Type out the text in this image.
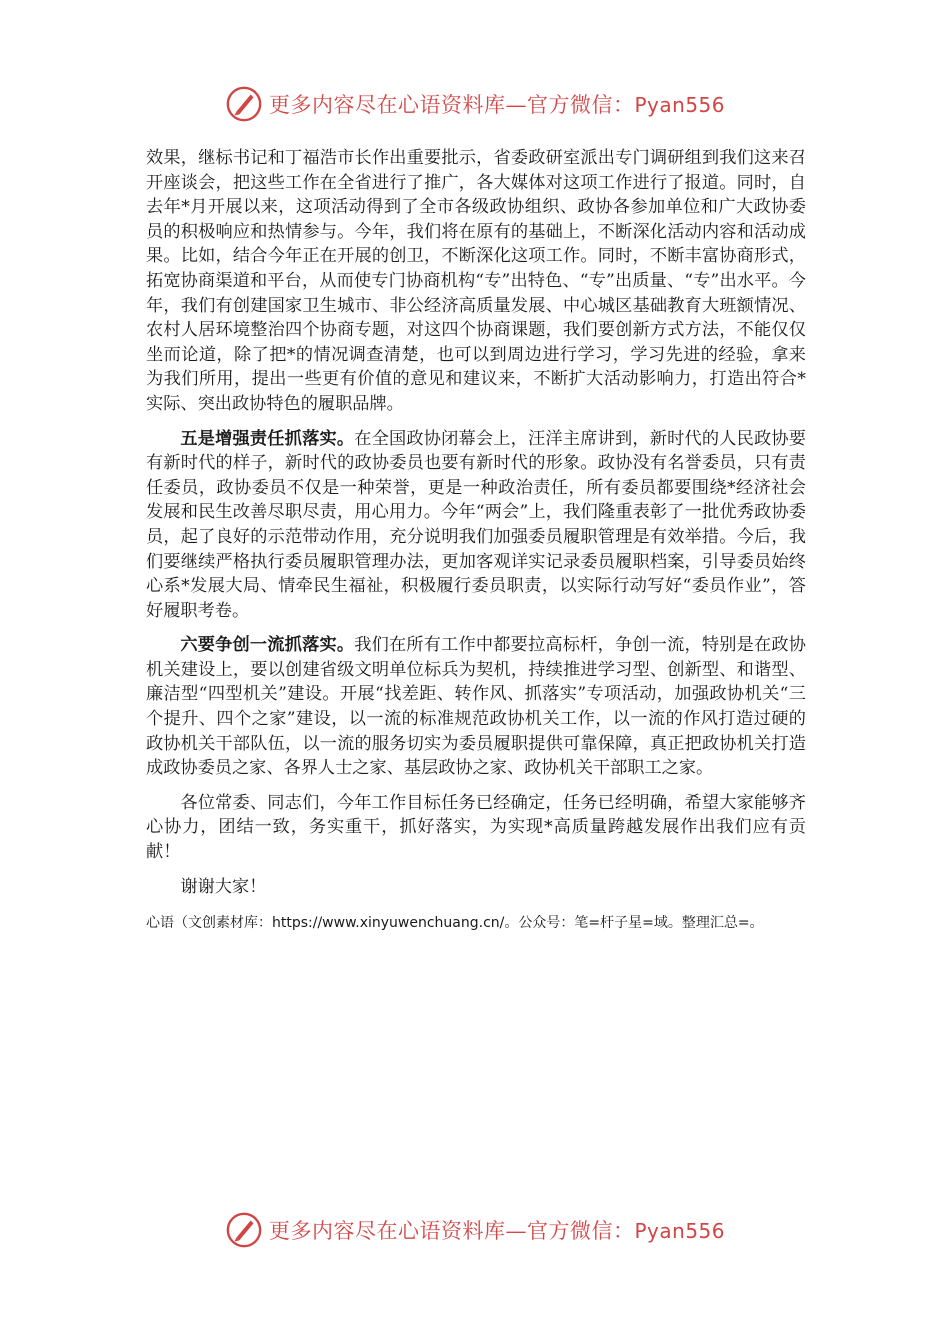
更多内容尽在心语资料库—官方微信：Pyan556

效果，继标书记和丁福浩市长作出重要批示，省委政研室派出专门调研组到我们这来召开座谈会，把这些工作在全省进行了推广，各大媒体对这项工作进行了报道。同时，自去年*月开展以来，这项活动得到了全市各级政协组织、政协各参加单位和广大政协委员的积极响应和热情参与。今年，我们将在原有的基础上，不断深化活动内容和活动成果。比如，结合今年正在开展的创卫，不断深化这项工作。同时，不断丰富协商形式，拓宽协商渠道和平台，从而使专门协商机构“专”出特色、“专”出质量、“专”出水平。今年，我们有创建国家卫生城市、非公经济高质量发展、中心城区基础教育大班额情况、农村人居环境整治四个协商专题，对这四个协商课题，我们要创新方式方法，不能仅仅坐而论道，除了把*的情况调查清楚，也可以到周边进行学习，学习先进的经验，拿来为我们所用，提出一些更有价值的意见和建议来，不断扩大活动影响力，打造出符合*实际、突出政协特色的履职品牌。

五是增强责任抓落实。在全国政协闭幕会上，汪洋主席讲到，新时代的人民政协要有新时代的样子，新时代的政协委员也要有新时代的形象。政协没有名誉委员，只有责任委员，政协委员不仅是一种荣誉，更是一种政治责任，所有委员都要围绕*经济社会发展和民生改善尽职尽责，用心用力。今年“两会”上，我们隆重表彰了一批优秀政协委员，起了良好的示范带动作用，充分说明我们加强委员履职管理是有效举措。今后，我们要继续严格执行委员履职管理办法，更加客观详实记录委员履职档案，引导委员始终心系*发展大局、情牵民生福祉，积极履行委员职责，以实际行动写好“委员作业”，答好履职考卷。

六要争创一流抓落实。我们在所有工作中都要拉高标杆，争创一流，特别是在政协机关建设上，要以创建省级文明单位标兵为契机，持续推进学习型、创新型、和谐型、廉洁型“四型机关”建设。开展“找差距、转作风、抓落实”专项活动，加强政协机关“三个提升、四个之家”建设，以一流的标准规范政协机关工作，以一流的作风打造过硬的政协机关干部队伍，以一流的服务切实为委员履职提供可靠保障，真正把政协机关打造成政协委员之家、各界人士之家、基层政协之家、政协机关干部职工之家。

各位常委、同志们，今年工作目标任务已经确定，任务已经明确，希望大家能够齐心协力，团结一致，务实重干，抓好落实，为实现*高质量跨越发展作出我们应有贡献！

谢谢大家！

心语（文创素材库：https://www.xinyuwenchuang.cn/。公众号：笔=杆子星=域。整理汇总=。
更多内容尽在心语资料库—官方微信：Pyan556
